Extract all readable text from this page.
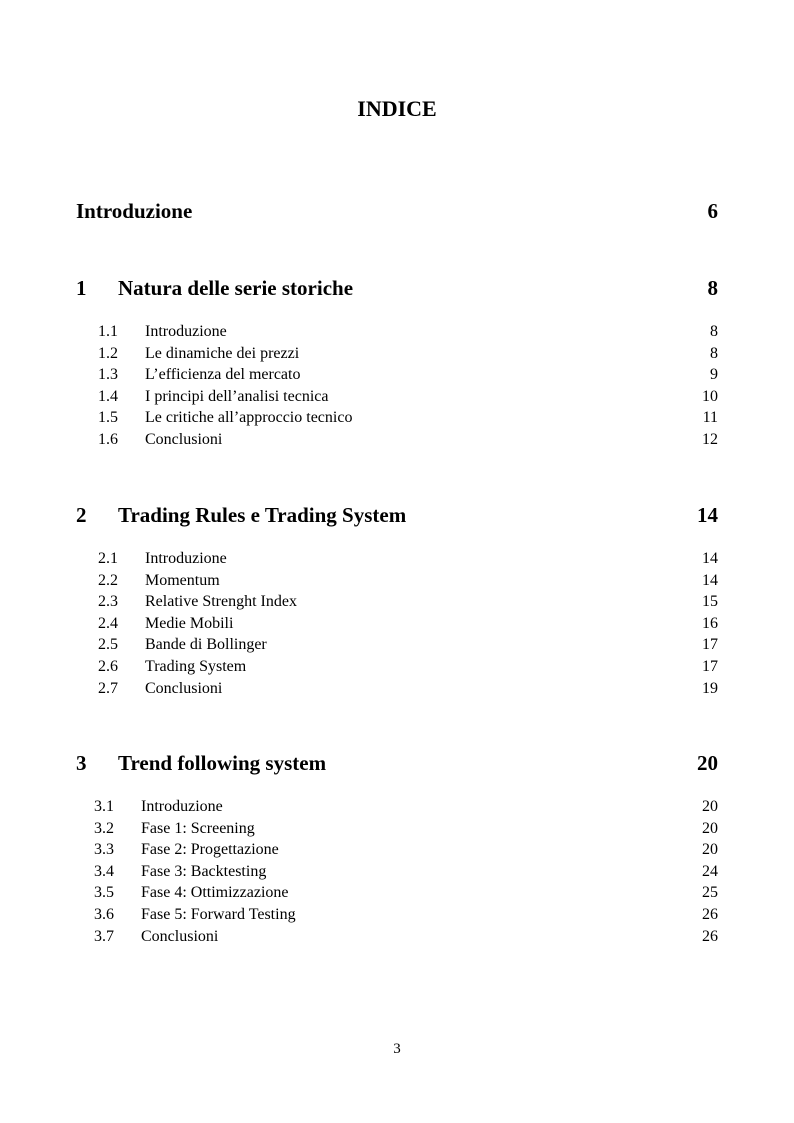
INDICE
Introduzione	6
1 Natura delle serie storiche	8
1.1 Introduzione	8
1.2 Le dinamiche dei prezzi	8
1.3 L’efficienza del mercato	9
1.4 I principi dell’analisi tecnica	10
1.5 Le critiche all’approccio tecnico	11
1.6 Conclusioni	12
2 Trading Rules e Trading System	14
2.1 Introduzione	14
2.2 Momentum	14
2.3 Relative Strenght Index	15
2.4 Medie Mobili	16
2.5 Bande di Bollinger	17
2.6 Trading System	17
2.7 Conclusioni	19
3 Trend following system	20
3.1 Introduzione	20
3.2 Fase 1: Screening	20
3.3 Fase 2: Progettazione	20
3.4 Fase 3: Backtesting	24
3.5 Fase 4: Ottimizzazione	25
3.6 Fase 5: Forward Testing	26
3.7 Conclusioni	26
3
